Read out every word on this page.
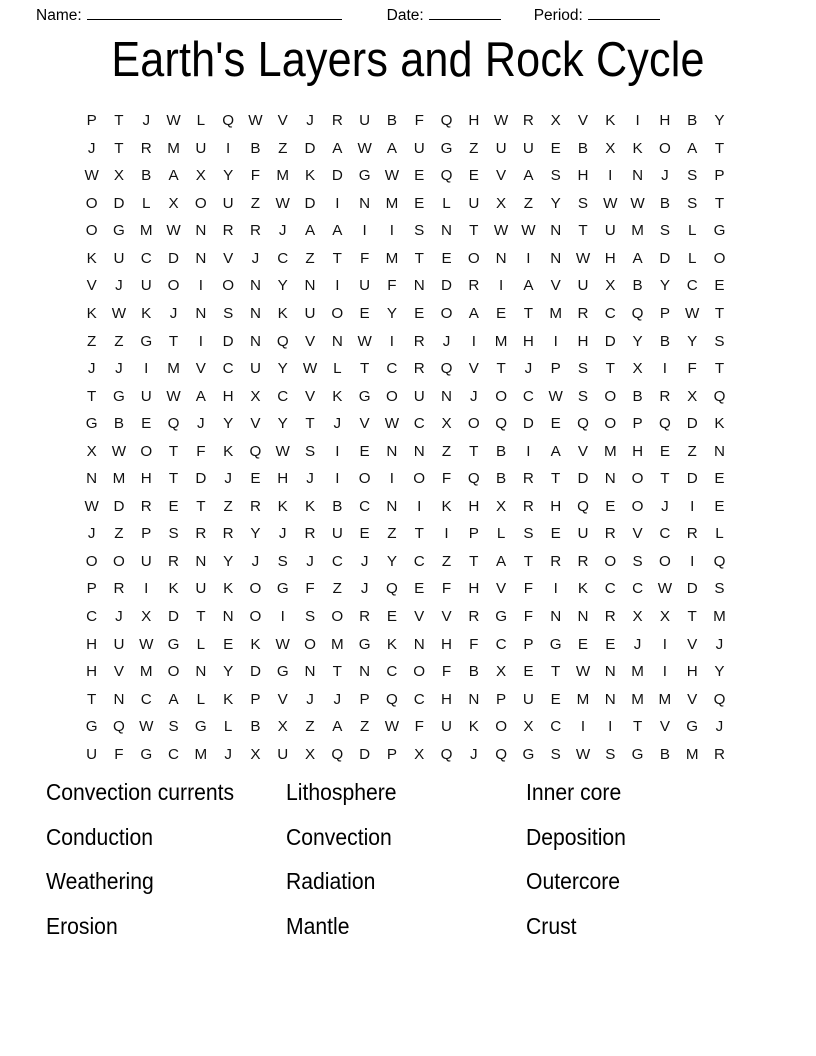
Name:	Date:	Period:
Earth's Layers and Rock Cycle
P	T	J	W	L	Q W V	J	R	U	B	F	Q	H W R	X	V	K	I	H	B	Y
J	T	R	M	U	I	B	Z	D	A W A	U	G	Z	U	U	E	B	X	K	O	A	T
W X	B	A	X	Y	F	M	K	D	G W E	Q	E	V	A	S	H	I	N	J	S	P
O	D	L	X	O	U	Z	W D	I	N	M	E	L	U	X	Z	Y	S W W B	S	T
O	G M W N	R	R	J	A	A	I	I	S	N	T	W W N	T	U	M	S	L	G
K	U	C	D	N	V	J	C	Z	T	F	M	T	E	O	N	I	N W H	A	D	L	O
V	J	U	O	I	O	N	Y	N	I	U	F	N	D	R	I	A	V	U	X	B	Y	C	E
K W K	J	N	S	N	K	U	O	E	Y	E	O	A	E	T	M	R	C	Q	P W	T
Z	Z	G	T	I	D	N	Q	V	N W	I	R	J	I	M	H	I	H	D	Y	B	Y	S
J	J	I	M	V	C	U	Y W	L	T	C	R	Q	V	T	J	P	S	T	X	I	F	T
T	G	U W A	H	X	C	V	K	G	O	U	N	J	O	C W S	O	B	R	X	Q
G	B	E	Q	J	Y	V	Y	T	J	V W C	X	O	Q	D	E	Q	O	P	Q	D	K
X W O	T	F	K	Q W S	I	E	N	N	Z	T	B	I	A	V	M	H	E	Z	N
N	M	H	T	D	J	E	H	J	I	O	I	O	F	Q	B	R	T	D	N	O	T	D	E
W D	R	E	T	Z	R	K	K	B	C	N	I	K	H	X	R	H	Q	E	O	J	I	E
J	Z	P	S	R	R	Y	J	R	U	E	Z	T	I	P	L	S	E	U	R	V	C	R	L
O	O	U	R	N	Y	J	S	J	C	J	Y	C	Z	T	A	T	R	R	O	S	O	I	Q
P	R	I	K	U	K	O	G	F	Z	J	Q	E	F	H	V	F	I	K	C	C W D	S
C	J	X	D	T	N	O	I	S	O	R	E	V	V	R	G	F	N	N	R	X	X	T	M
H	U W G	L	E	K W O M G	K	N	H	F	C	P	G	E	E	J	I	V	J
H	V	M O	N	Y	D	G	N	T	N	C	O	F	B	X	E	T	W N	M	I	H	Y
T	N	C	A	L	K	P	V	J	J	P	Q	C	H	N	P	U	E	M	N	M M	V	Q
G	Q W S	G	L	B	X	Z	A	Z	W	F	U	K	O	X	C	I	I	T	V	G	J
U	F	G	C	M	J	X	U	X	Q	D	P	X	Q	J	Q	G	S W S	G	B	M	R
Convection currents	Lithosphere	Inner core
Conduction	Convection	Deposition
Weathering	Radiation	Outercore
Erosion	Mantle	Crust
